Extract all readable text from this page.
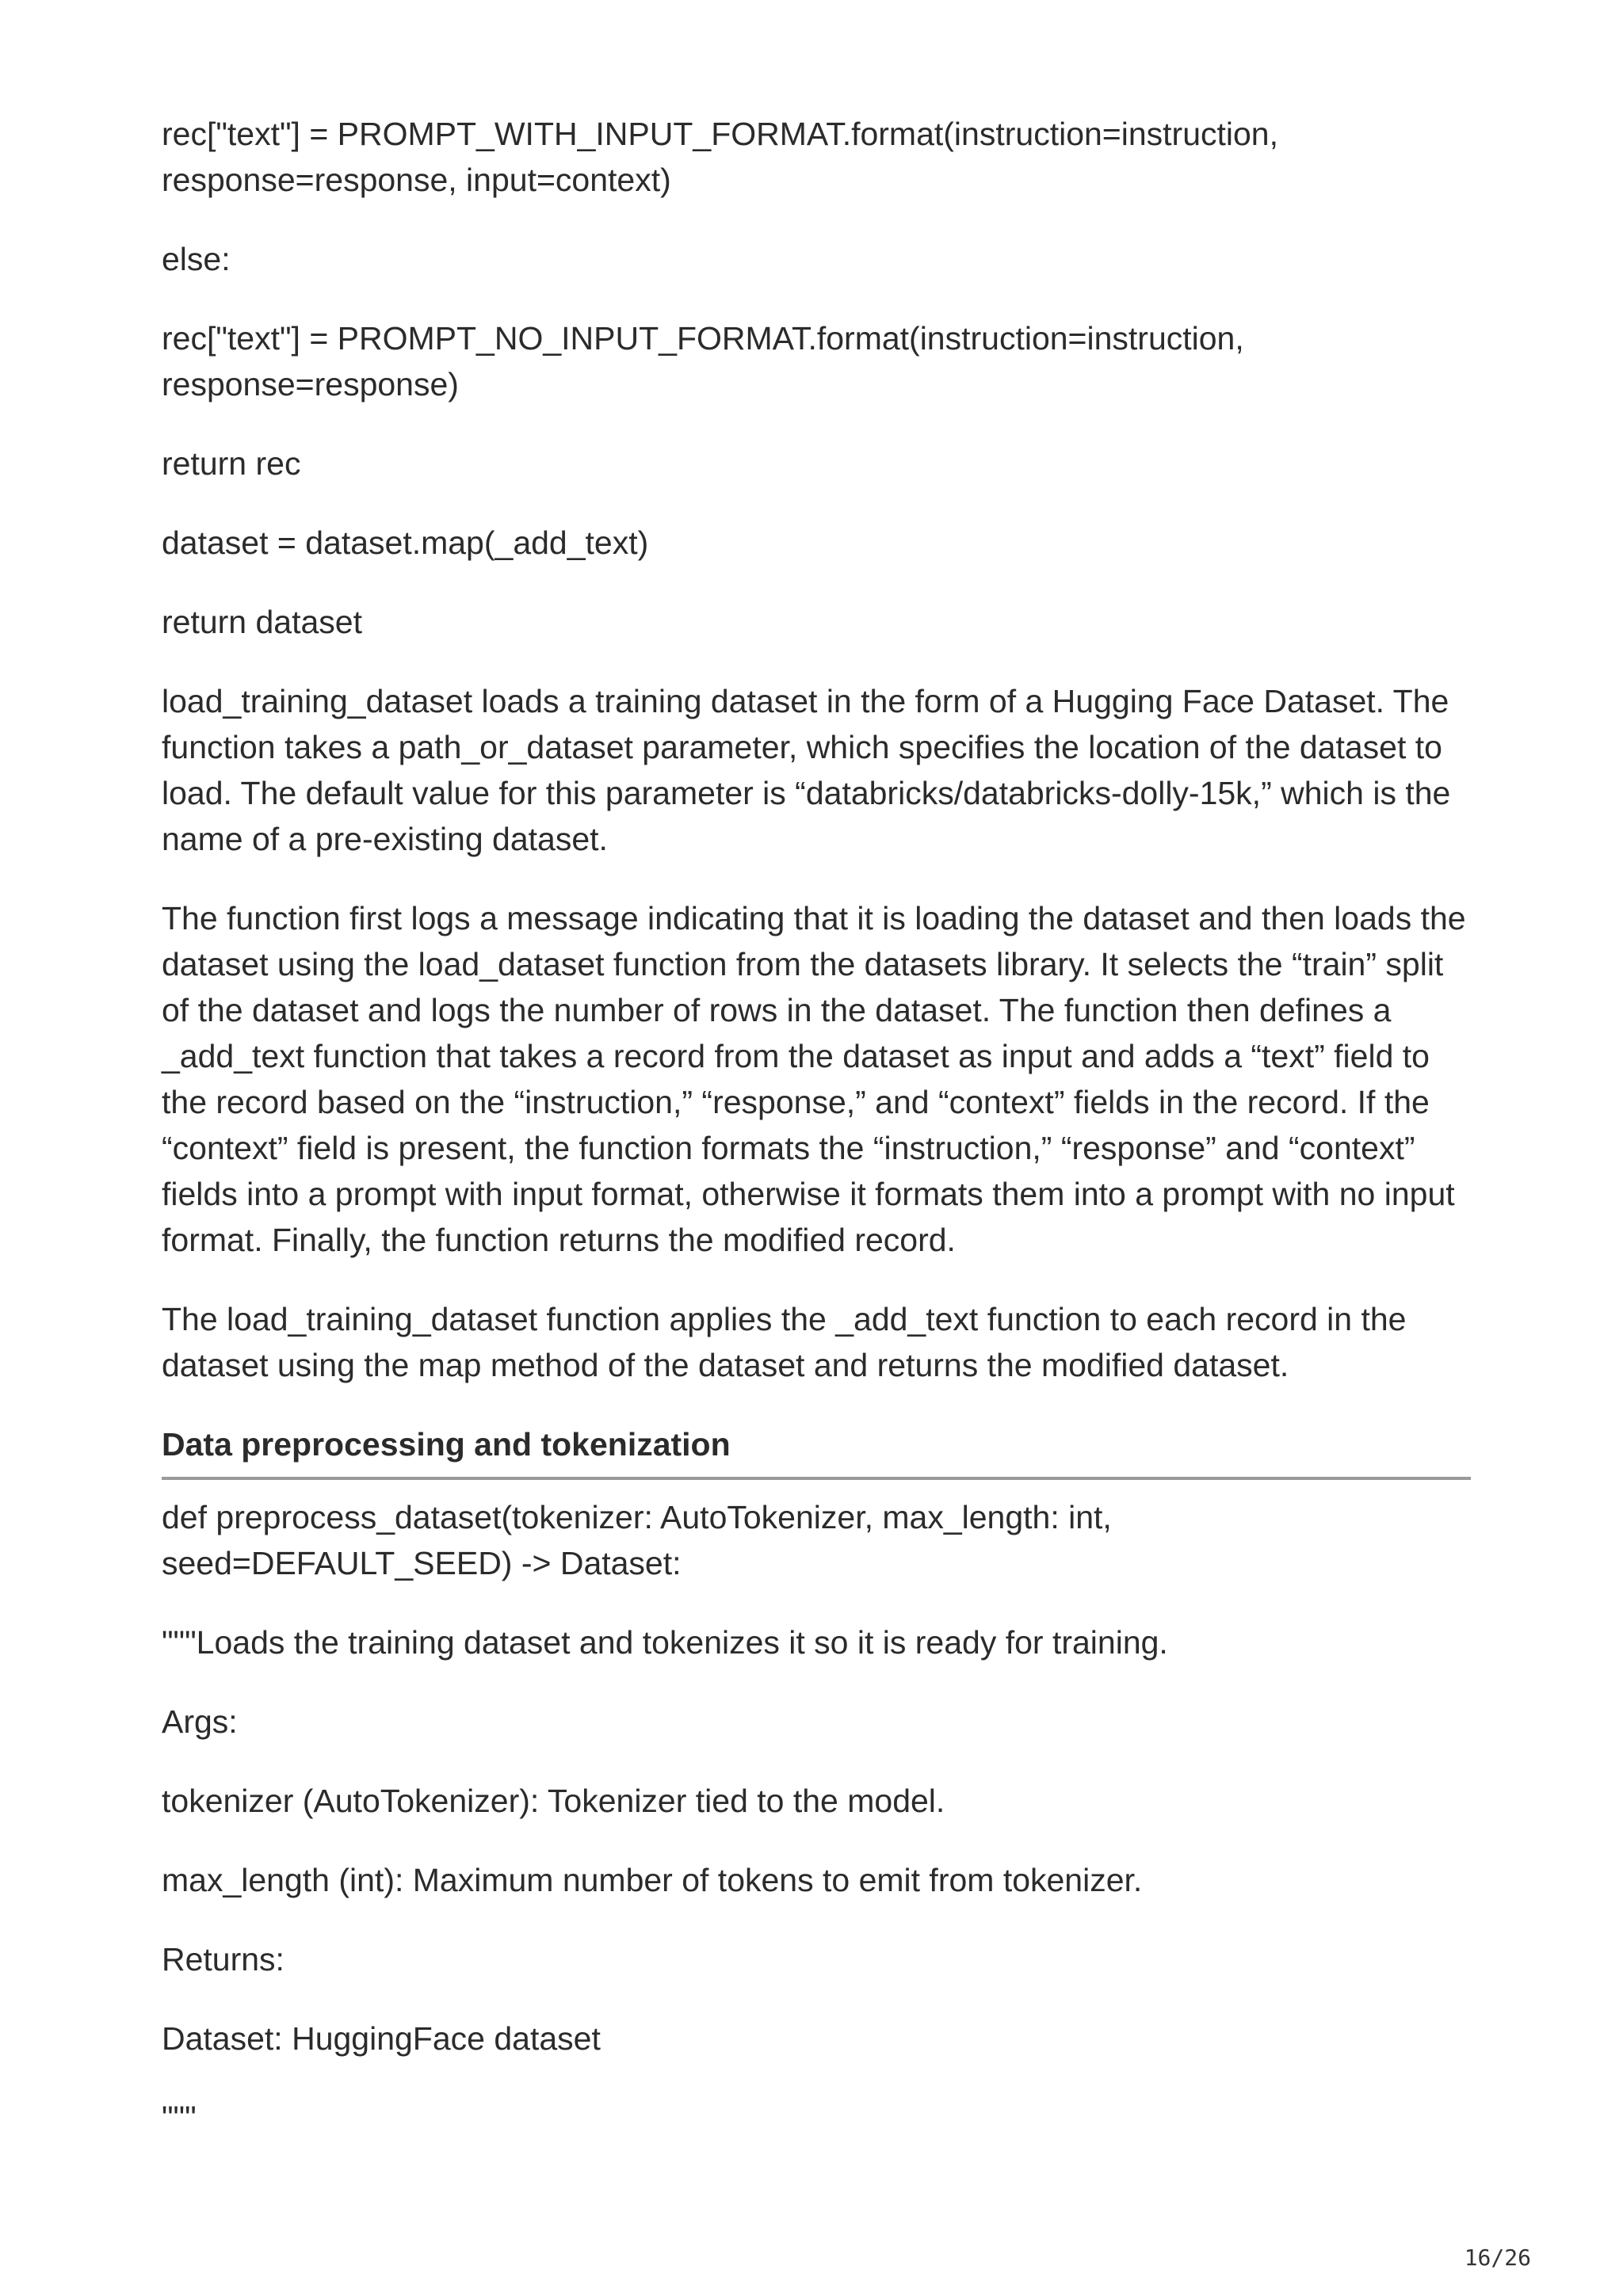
rec["text"] = PROMPT_WITH_INPUT_FORMAT.format(instruction=instruction, response=response, input=context)

else:

rec["text"] = PROMPT_NO_INPUT_FORMAT.format(instruction=instruction, response=response)

return rec

dataset = dataset.map(_add_text)

return dataset

load_training_dataset loads a training dataset in the form of a Hugging Face Dataset. The function takes a path_or_dataset parameter, which specifies the location of the dataset to load. The default value for this parameter is “databricks/databricks-dolly-15k,” which is the name of a pre-existing dataset.

The function first logs a message indicating that it is loading the dataset and then loads the dataset using the load_dataset function from the datasets library. It selects the “train” split of the dataset and logs the number of rows in the dataset. The function then defines a _add_text function that takes a record from the dataset as input and adds a “text” field to the record based on the “instruction,” “response,” and “context” fields in the record. If the “context” field is present, the function formats the “instruction,” “response” and “context” fields into a prompt with input format, otherwise it formats them into a prompt with no input format. Finally, the function returns the modified record.

The load_training_dataset function applies the _add_text function to each record in the dataset using the map method of the dataset and returns the modified dataset.

Data preprocessing and tokenization

def preprocess_dataset(tokenizer: AutoTokenizer, max_length: int, seed=DEFAULT_SEED) -> Dataset:

"""Loads the training dataset and tokenizes it so it is ready for training.

Args:

tokenizer (AutoTokenizer): Tokenizer tied to the model.

max_length (int): Maximum number of tokens to emit from tokenizer.

Returns:

Dataset: HuggingFace dataset

"""

16/26
